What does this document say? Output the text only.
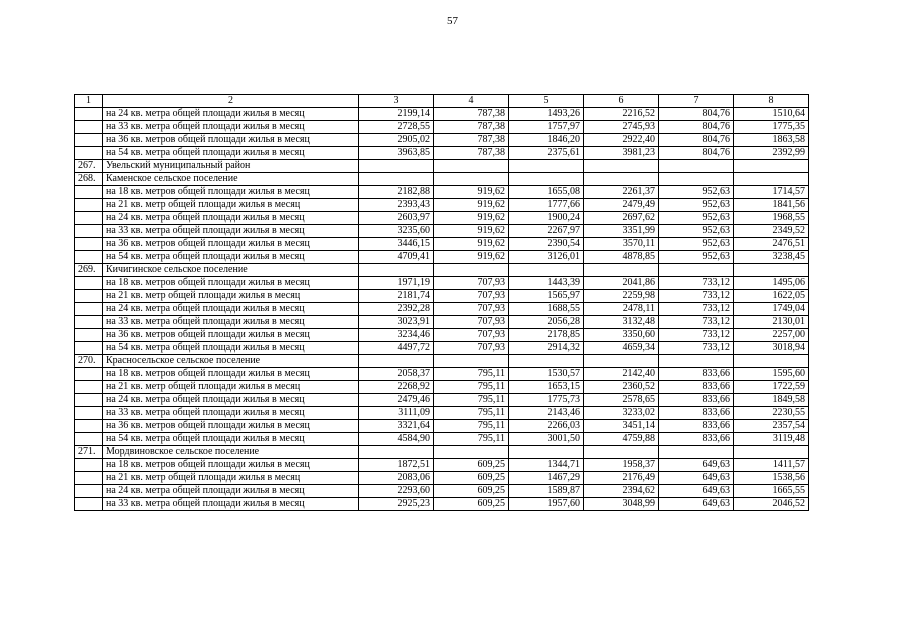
57
1	2	3	4	5	6	7	8
	на 24 кв. метра общей площади жилья в месяц	2199,14	787,38	1493,26	2216,52	804,76	1510,64
	на 33 кв. метра общей площади жилья в месяц	2728,55	787,38	1757,97	2745,93	804,76	1775,35
	на 36 кв. метров общей площади жилья в месяц	2905,02	787,38	1846,20	2922,40	804,76	1863,58
	на 54 кв. метра общей площади жилья в месяц	3963,85	787,38	2375,61	3981,23	804,76	2392,99
267.	Увельский муниципальный район						
268.	Каменское сельское поселение						
	на 18 кв. метров общей площади жилья в месяц	2182,88	919,62	1655,08	2261,37	952,63	1714,57
	на 21 кв. метр общей площади жилья в месяц	2393,43	919,62	1777,66	2479,49	952,63	1841,56
	на 24 кв. метра общей площади жилья в месяц	2603,97	919,62	1900,24	2697,62	952,63	1968,55
	на 33 кв. метра общей площади жилья в месяц	3235,60	919,62	2267,97	3351,99	952,63	2349,52
	на 36 кв. метров общей площади жилья в месяц	3446,15	919,62	2390,54	3570,11	952,63	2476,51
	на 54 кв. метра общей площади жилья в месяц	4709,41	919,62	3126,01	4878,85	952,63	3238,45
269.	Кичигинское сельское поселение						
	на 18 кв. метров общей площади жилья в месяц	1971,19	707,93	1443,39	2041,86	733,12	1495,06
	на 21 кв. метр общей площади жилья в месяц	2181,74	707,93	1565,97	2259,98	733,12	1622,05
	на 24 кв. метра общей площади жилья в месяц	2392,28	707,93	1688,55	2478,11	733,12	1749,04
	на 33 кв. метра общей площади жилья в месяц	3023,91	707,93	2056,28	3132,48	733,12	2130,01
	на 36 кв. метров общей площади жилья в месяц	3234,46	707,93	2178,85	3350,60	733,12	2257,00
	на 54 кв. метра общей площади жилья в месяц	4497,72	707,93	2914,32	4659,34	733,12	3018,94
270.	Красносельское сельское поселение						
	на 18 кв. метров общей площади жилья в месяц	2058,37	795,11	1530,57	2142,40	833,66	1595,60
	на 21 кв. метр общей площади жилья в месяц	2268,92	795,11	1653,15	2360,52	833,66	1722,59
	на 24 кв. метра общей площади жилья в месяц	2479,46	795,11	1775,73	2578,65	833,66	1849,58
	на 33 кв. метра общей площади жилья в месяц	3111,09	795,11	2143,46	3233,02	833,66	2230,55
	на 36 кв. метров общей площади жилья в месяц	3321,64	795,11	2266,03	3451,14	833,66	2357,54
	на 54 кв. метра общей площади жилья в месяц	4584,90	795,11	3001,50	4759,88	833,66	3119,48
271.	Мордвиновское сельское поселение						
	на 18 кв. метров общей площади жилья в месяц	1872,51	609,25	1344,71	1958,37	649,63	1411,57
	на 21 кв. метр общей площади жилья в месяц	2083,06	609,25	1467,29	2176,49	649,63	1538,56
	на 24 кв. метра общей площади жилья в месяц	2293,60	609,25	1589,87	2394,62	649,63	1665,55
	на 33 кв. метра общей площади жилья в месяц	2925,23	609,25	1957,60	3048,99	649,63	2046,52
